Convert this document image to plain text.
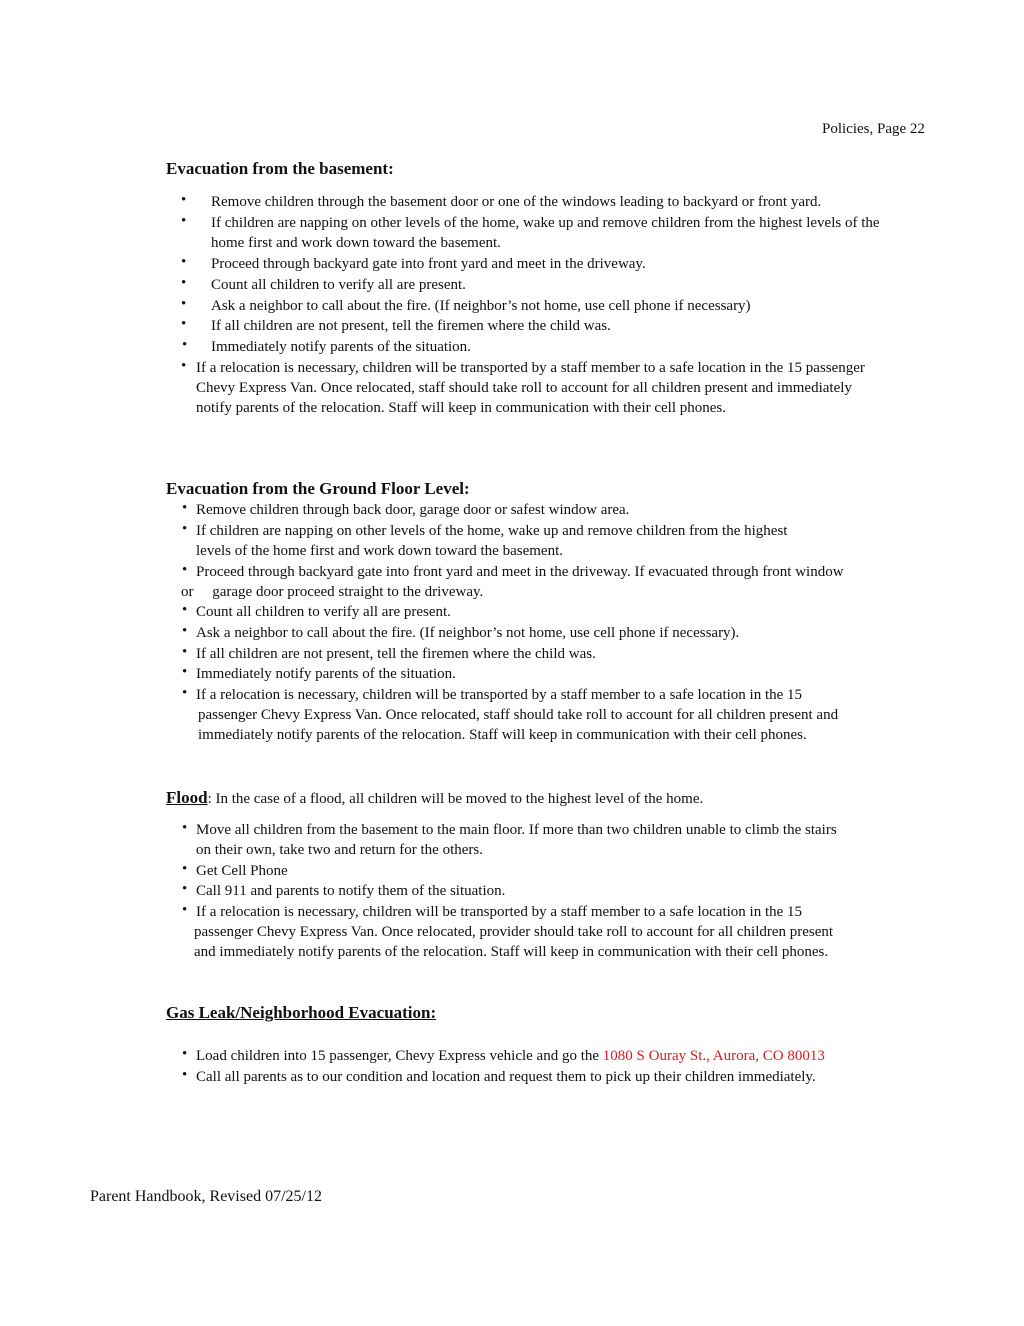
Policies, Page 22
Evacuation from the basement:
• Remove children through the basement door or one of the windows leading to backyard or front yard.
• If children are napping on other levels of the home, wake up and remove children from the highest levels of the
home first and work down toward the basement.
• Proceed through backyard gate into front yard and meet in the driveway.
• Count all children to verify all are present.
• Ask a neighbor to call about the fire. (If neighbor’s not home, use cell phone if necessary)
• If all children are not present, tell the firemen where the child was.
• Immediately notify parents of the situation.
• If a relocation is necessary, children will be transported by a staff member to a safe location in the 15 passenger
Chevy Express Van. Once relocated, staff should take roll to account for all children present and immediately
notify parents of the relocation. Staff will keep in communication with their cell phones.
Evacuation from the Ground Floor Level:
• Remove children through back door, garage door or safest window area.
• If children are napping on other levels of the home, wake up and remove children from the highest
levels of the home first and work down toward the basement.
• Proceed through backyard gate into front yard and meet in the driveway. If evacuated through front window
or     garage door proceed straight to the driveway.
• Count all children to verify all are present.
• Ask a neighbor to call about the fire. (If neighbor’s not home, use cell phone if necessary).
• If all children are not present, tell the firemen where the child was.
• Immediately notify parents of the situation.
• If a relocation is necessary, children will be transported by a staff member to a safe location in the 15
passenger Chevy Express Van. Once relocated, staff should take roll to account for all children present and
immediately notify parents of the relocation. Staff will keep in communication with their cell phones.
Flood: In the case of a flood, all children will be moved to the highest level of the home.
• Move all children from the basement to the main floor. If more than two children unable to climb the stairs
on their own, take two and return for the others.
• Get Cell Phone
• Call 911 and parents to notify them of the situation.
• If a relocation is necessary, children will be transported by a staff member to a safe location in the 15
passenger Chevy Express Van. Once relocated, provider should take roll to account for all children present
and immediately notify parents of the relocation. Staff will keep in communication with their cell phones.
Gas Leak/Neighborhood Evacuation:
• Load children into 15 passenger, Chevy Express vehicle and go the 1080 S Ouray St., Aurora, CO 80013
• Call all parents as to our condition and location and request them to pick up their children immediately.
Parent Handbook, Revised 07/25/12
